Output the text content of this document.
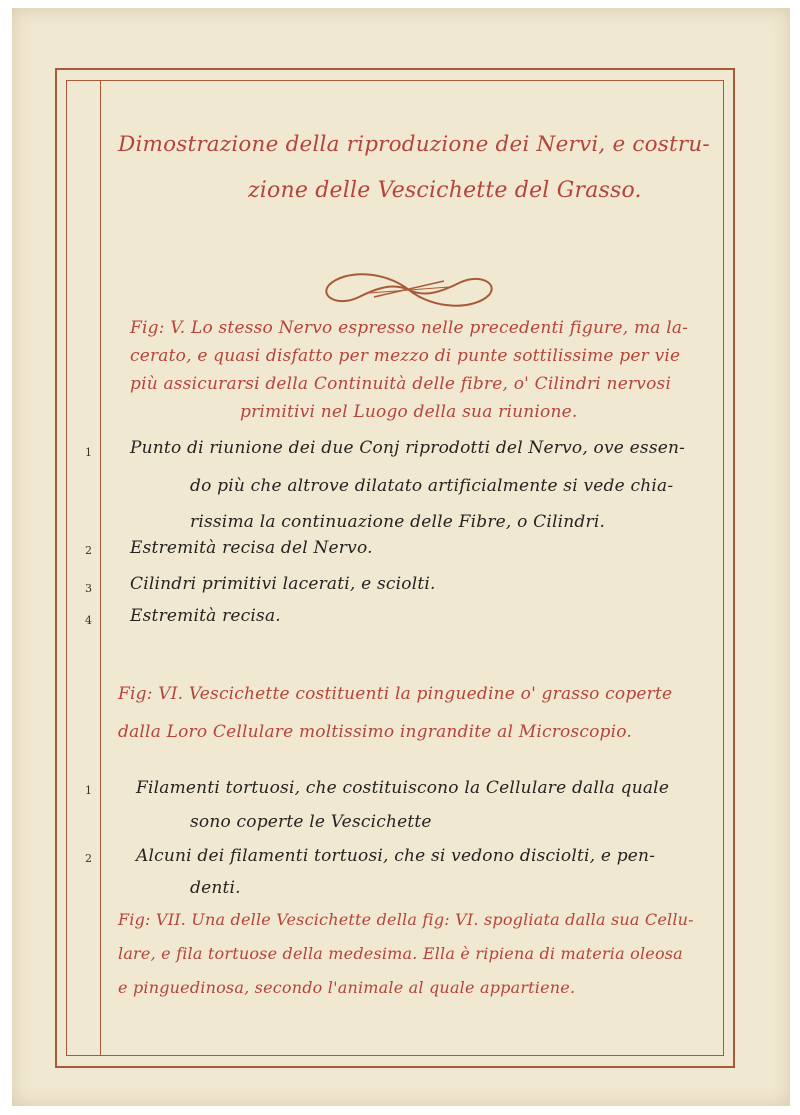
Dimostrazione della riproduzione dei Nervi, e costru-
zione delle Vescichette del Grasso.
Fig: V. Lo stesso Nervo espresso nelle precedenti figure, ma la-
cerato, e quasi disfatto per mezzo di punte sottilissime per vie
più assicurarsi della Continuità delle fibre, o' Cilindri nervosi
primitivi nel Luogo della sua riunione.
1 Punto di riunione dei due Conj riprodotti del Nervo, ove essen-
do più che altrove dilatato artificialmente si vede chia-
rissima la continuazione delle Fibre, o Cilindri.
2 Estremità recisa del Nervo.
3 Cilindri primitivi lacerati, e sciolti.
4 Estremità recisa.
Fig: VI. Vescichette costituenti la pinguedine o' grasso coperte
dalla Loro Cellulare moltissimo ingrandite al Microscopio.
1	Filamenti tortuosi, che costituiscono la Cellulare dalla quale
sono coperte le Vescichette
2	Alcuni dei filamenti tortuosi, che si vedono disciolti, e pen-
denti.
Fig: VII. Una delle Vescichette della fig: VI. spogliata dalla sua Cellu-
lare, e fila tortuose della medesima. Ella è ripiena di materia oleosa
e pinguedinosa, secondo l'animale al quale appartiene.
